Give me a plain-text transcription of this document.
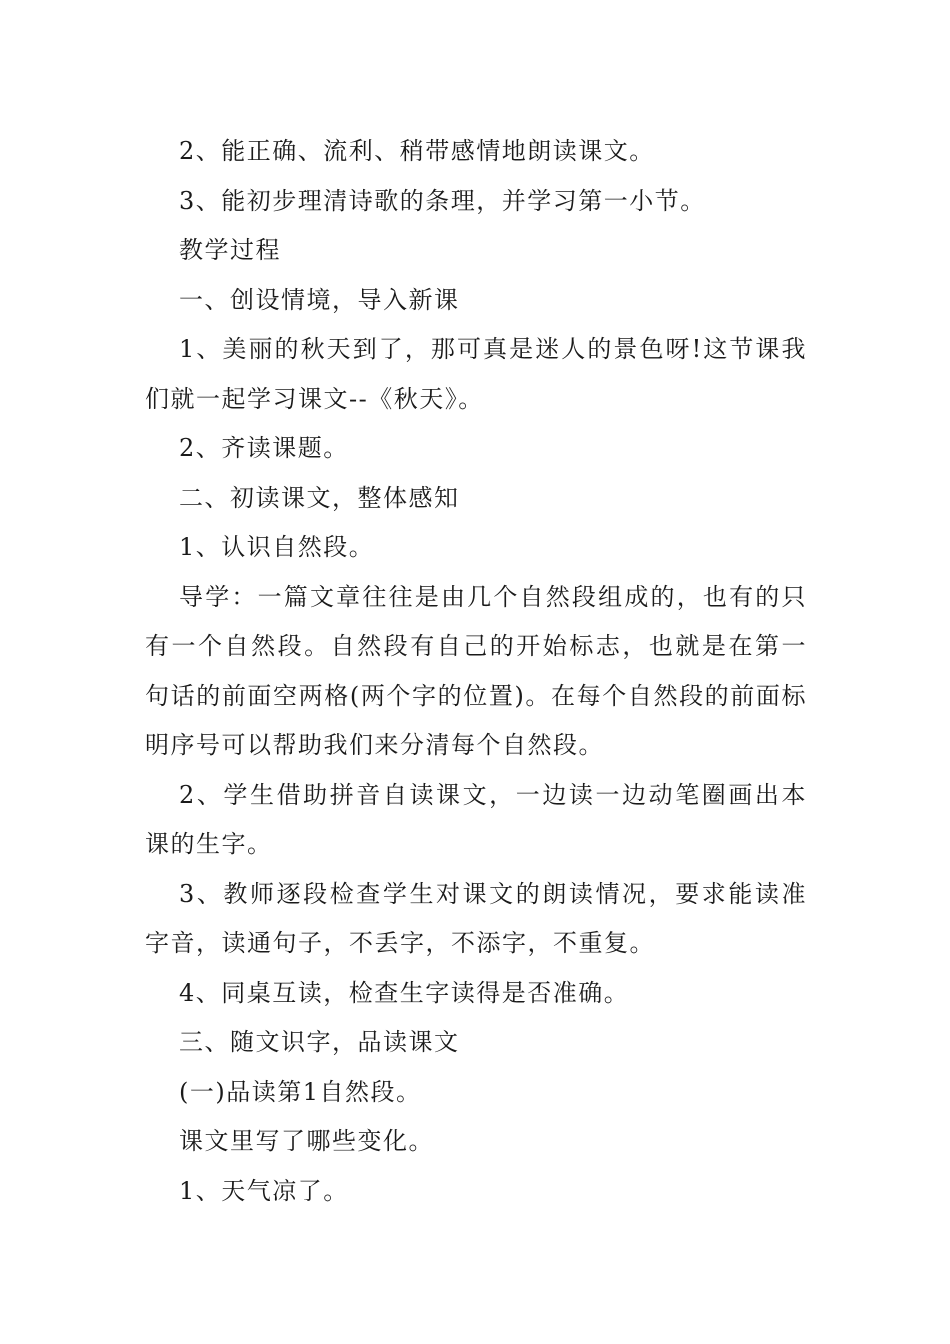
2、能正确、流利、稍带感情地朗读课文。

3、能初步理清诗歌的条理，并学习第一小节。

教学过程

一、创设情境，导入新课

1、美丽的秋天到了，那可真是迷人的景色呀!这节课我们就一起学习课文--《秋天》。

2、齐读课题。

二、初读课文，整体感知

1、认识自然段。

导学：一篇文章往往是由几个自然段组成的，也有的只有一个自然段。自然段有自己的开始标志，也就是在第一句话的前面空两格(两个字的位置)。在每个自然段的前面标明序号可以帮助我们来分清每个自然段。

2、学生借助拼音自读课文，一边读一边动笔圈画出本课的生字。

3、教师逐段检查学生对课文的朗读情况，要求能读准字音，读通句子，不丢字，不添字，不重复。

4、同桌互读，检查生字读得是否准确。

三、随文识字，品读课文

(一)品读第1自然段。

课文里写了哪些变化。

1、天气凉了。
